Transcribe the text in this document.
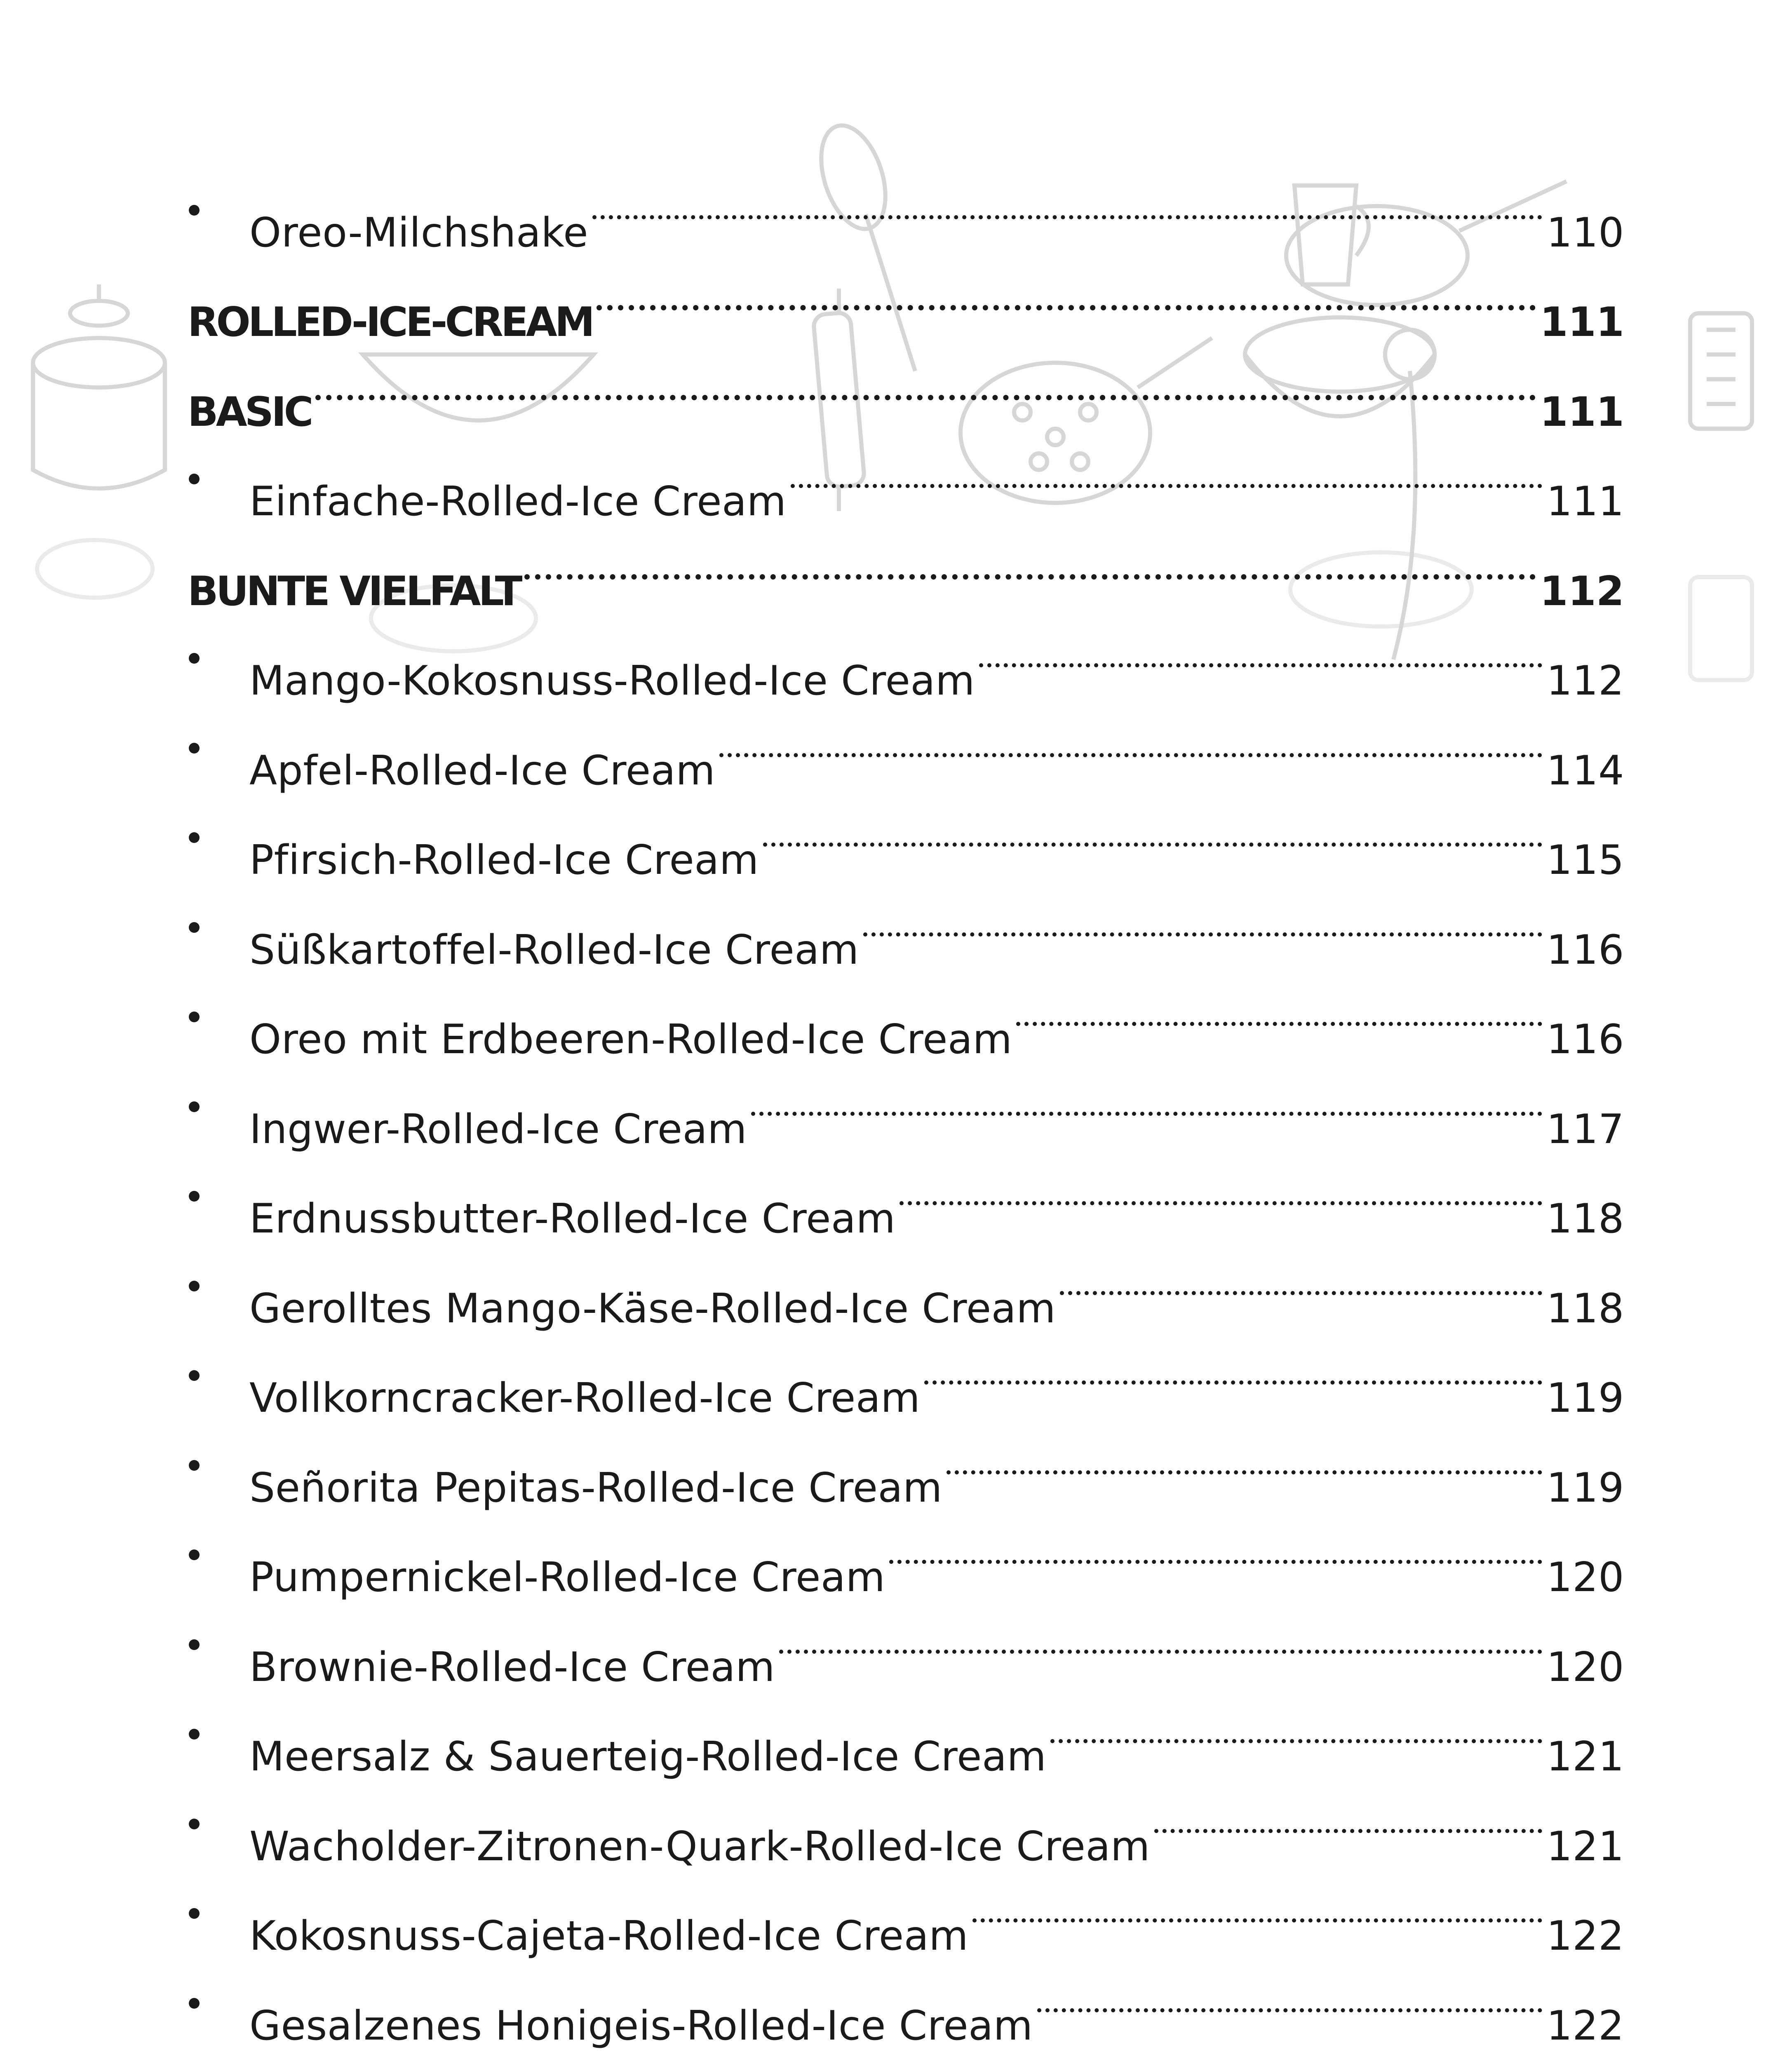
Oreo-Milchshake	110
ROLLED-ICE-CREAM	111
BASIC	111
Einfache-Rolled-Ice Cream	111
BUNTE VIELFALT	112
Mango-Kokosnuss-Rolled-Ice Cream	112
Apfel-Rolled-Ice Cream	114
Pfirsich-Rolled-Ice Cream	115
Süßkartoffel-Rolled-Ice Cream	116
Oreo mit Erdbeeren-Rolled-Ice Cream	116
Ingwer-Rolled-Ice Cream	117
Erdnussbutter-Rolled-Ice Cream	118
Gerolltes Mango-Käse-Rolled-Ice Cream	118
Vollkorncracker-Rolled-Ice Cream	119
Señorita Pepitas-Rolled-Ice Cream	119
Pumpernickel-Rolled-Ice Cream	120
Brownie-Rolled-Ice Cream	120
Meersalz & Sauerteig-Rolled-Ice Cream	121
Wacholder-Zitronen-Quark-Rolled-Ice Cream	121
Kokosnuss-Cajeta-Rolled-Ice Cream	122
Gesalzenes Honigeis-Rolled-Ice Cream	122
